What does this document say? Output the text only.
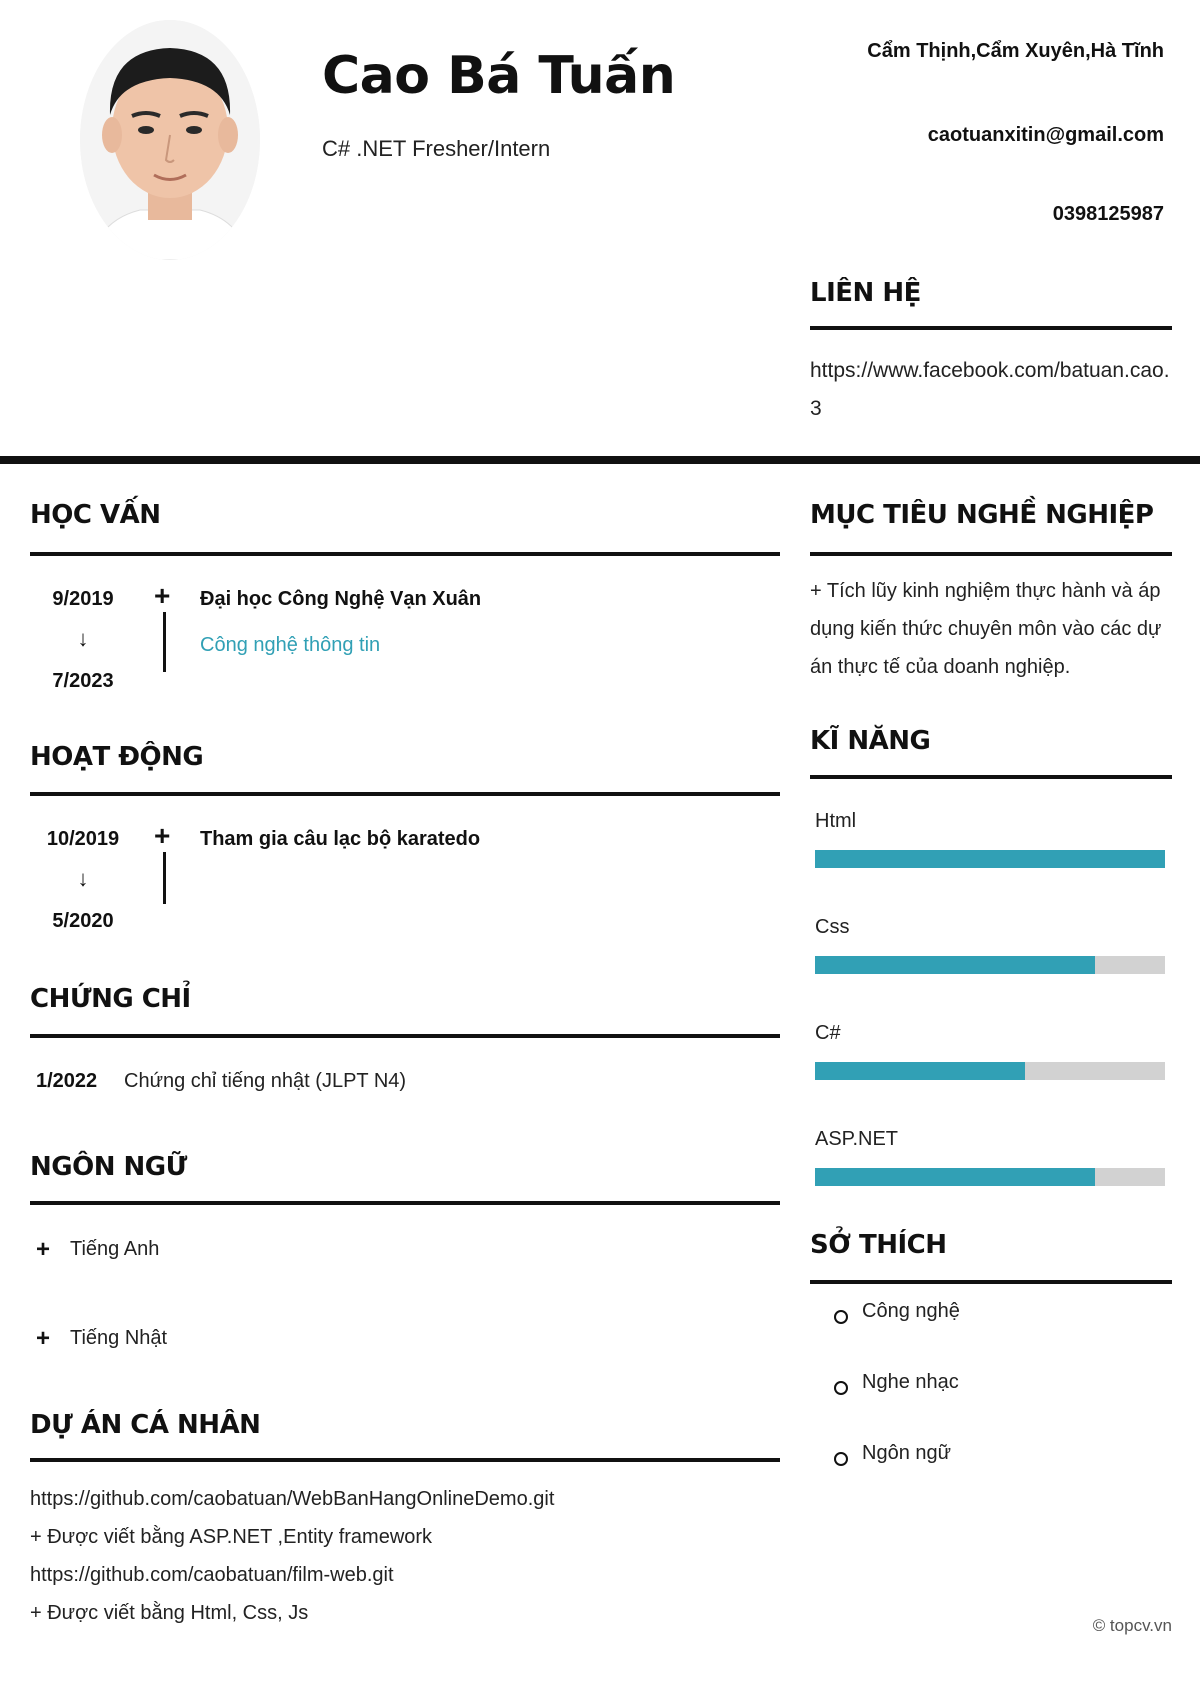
Cao Bá Tuấn
C# .NET Fresher/Intern
Cẩm Thịnh,Cẩm Xuyên,Hà Tĩnh
caotuanxitin@gmail.com
0398125987
LIÊN HỆ
https://www.facebook.com/batuan.cao.3
HỌC VẤN
9/2019
↓
7/2023
+ Đại học Công Nghệ Vạn Xuân
Công nghệ thông tin
HOẠT ĐỘNG
10/2019
↓
5/2020
+ Tham gia câu lạc bộ karatedo
CHỨNG CHỈ
1/2022 Chứng chỉ tiếng nhật (JLPT N4)
NGÔN NGỮ
+ Tiếng Anh
+ Tiếng Nhật
DỰ ÁN CÁ NHÂN
https://github.com/caobatuan/WebBanHangOnlineDemo.git
+ Được viết bằng ASP.NET ,Entity framework
https://github.com/caobatuan/film-web.git
+ Được viết bằng Html, Css, Js
MỤC TIÊU NGHỀ NGHIỆP
+ Tích lũy kinh nghiệm thực hành và áp dụng kiến thức chuyên môn vào các dự án thực tế của doanh nghiệp.
KĨ NĂNG
Html
Css
C#
ASP.NET
SỞ THÍCH
Công nghệ
Nghe nhạc
Ngôn ngữ
© topcv.vn
